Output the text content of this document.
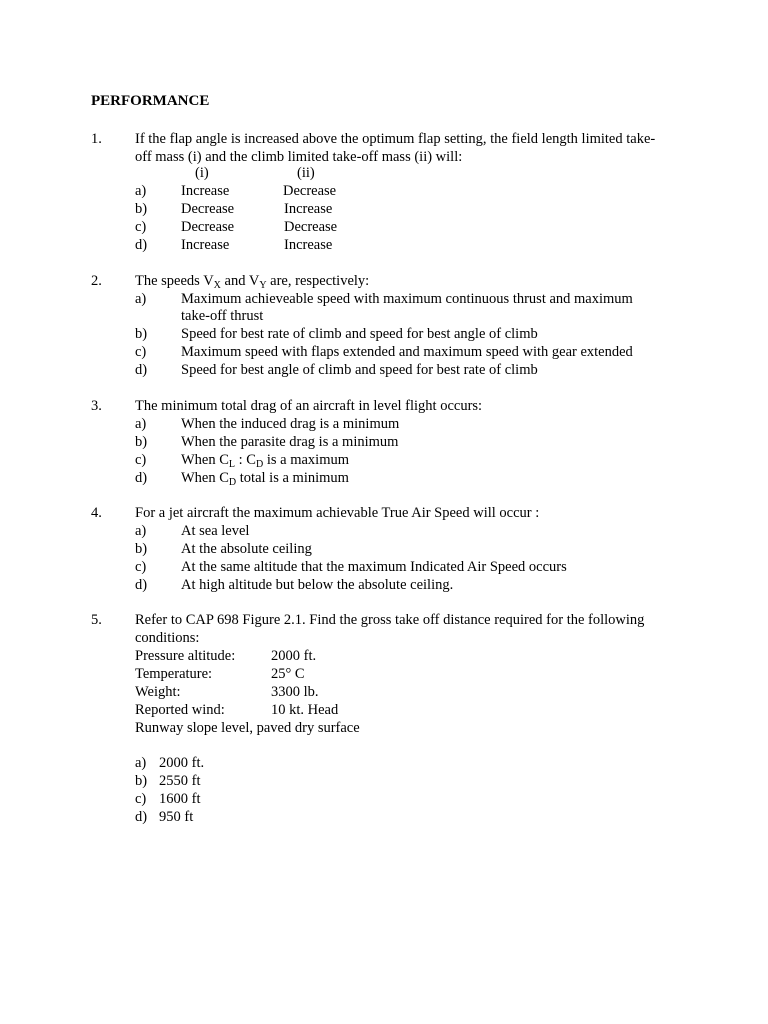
PERFORMANCE
1. If the flap angle is increased above the optimum flap setting, the field length limited take-
off mass (i) and the climb limited take-off mass (ii) will:
(i)	(ii)
a) Increase	Decrease
b) Decrease	Increase
c) Decrease	Decrease
d) Increase	Increase
2. The speeds $V_X$ and $V_Y$ are, respectively:
a) Maximum achieveable speed with maximum continuous thrust and maximum
take-off thrust
b) Speed for best rate of climb and speed for best angle of climb
c) Maximum speed with flaps extended and maximum speed with gear extended
d) Speed for best angle of climb and speed for best rate of climb
3. The minimum total drag of an aircraft in level flight occurs:
a) When the induced drag is a minimum
b) When the parasite drag is a minimum
c) When $C_L$ : $C_D$ is a maximum
d) When $C_D$ total is a minimum
4. For a jet aircraft the maximum achievable True Air Speed will occur :
a) At sea level
b) At the absolute ceiling
c) At the same altitude that the maximum Indicated Air Speed occurs
d) At high altitude but below the absolute ceiling.
5. Refer to CAP 698 Figure 2.1. Find the gross take off distance required for the following
conditions:
Pressure altitude: 2000 ft.
Temperature:	25° C
Weight:	3300 lb.
Reported wind:	10 kt. Head
Runway slope level, paved dry surface
a) 2000 ft.
b) 2550 ft
c) 1600 ft
d) 950 ft
